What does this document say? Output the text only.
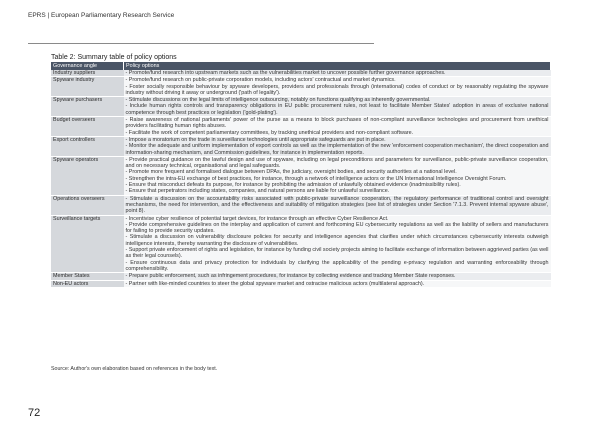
EPRS | European Parliamentary Research Service
Table 2: Summary table of policy options
Governance angle	Policy options
Industry suppliers	- Promote/fund research into upstream markets such as the vulnerabilities market to uncover possible further governance approaches.

Spyware industry	- Promote/fund research on public-private corporation models, including actors' contractual and market dynamics.
- Foster socially responsible behaviour by spyware developers, providers and professionals through (international) codes of conduct or by reasonably regulating the spyware industry without driving it away or underground ('path of legality').

Spyware purchasers	- Stimulate discussions on the legal limits of intelligence outsourcing, notably on functions qualifying as inherently governmental.
- Include human rights controls and transparency obligations in EU public procurement rules, not least to facilitate Member States' adoption in areas of exclusive national competence through best practices or legislation ('gold-plating').

Budget overseers	- Raise awareness of national parliaments' power of the purse as a means to block purchases of non-compliant surveillance technologies and procurement from unethical providers facilitating human rights abuses.
- Facilitate the work of competent parliamentary committees, by tracking unethical providers and non-compliant software.

Export controllers	- Impose a moratorium on the trade in surveillance technologies until appropriate safeguards are put in place.
- Monitor the adequate and uniform implementation of export controls as well as the implementation of the new 'enforcement cooperation mechanism', the direct cooperation and information-sharing mechanism, and Commission guidelines, for instance in implementation reports.

Spyware operators	- Provide practical guidance on the lawful design and use of spyware, including on legal preconditions and parameters for surveillance, public-private surveillance cooperation, and on necessary technical, organisational and legal safeguards.
- Promote more frequent and formalised dialogue between DPAs, the judiciary, oversight bodies, and security authorities at a national level.
- Strengthen the intra-EU exchange of best practices, for instance, through a network of intelligence actors or the UN International Intelligence Oversight Forum.
- Ensure that misconduct defeats its purpose, for instance by prohibiting the admission of unlawfully obtained evidence (inadmissibility rules).
- Ensure that perpetrators including states, companies, and natural persons are liable for unlawful surveillance.

Operations overseers	- Stimulate a discussion on the accountability risks associated with public-private surveillance cooperation, the regulatory performance of traditional control and oversight mechanisms, the need for intervention, and the effectiveness and suitability of mitigation strategies (see list of strategies under Section '7.1.3. Prevent internal spyware abuse', point 8).

Surveillance targets	- Incentivise cyber resilience of potential target devices, for instance through an effective Cyber Resilience Act.
- Provide comprehensive guidelines on the interplay and application of current and forthcoming EU cybersecurity regulations as well as the liability of sellers and manufacturers for failing to provide security updates.
- Stimulate a discussion on vulnerability disclosure policies for security and intelligence agencies that clarifies under which circumstances cybersecurity interests outweigh intelligence interests, thereby warranting the disclosure of vulnerabilities.
- Support private enforcement of rights and legislation, for instance by funding civil society projects aiming to facilitate exchange of information between aggrieved parties (as well as their legal counsels).
- Ensure continuous data and privacy protection for individuals by clarifying the applicability of the pending e-privacy regulation and warranting enforceability through comprehensibility.

Member States	- Prepare public enforcement, such as infringement procedures, for instance by collecting evidence and tracking Member State responses.

Non-EU actors	- Partner with like-minded countries to steer the global spyware market and ostracise malicious actors (multilateral approach).
Source: Author's own elaboration based on references in the body text.
72
